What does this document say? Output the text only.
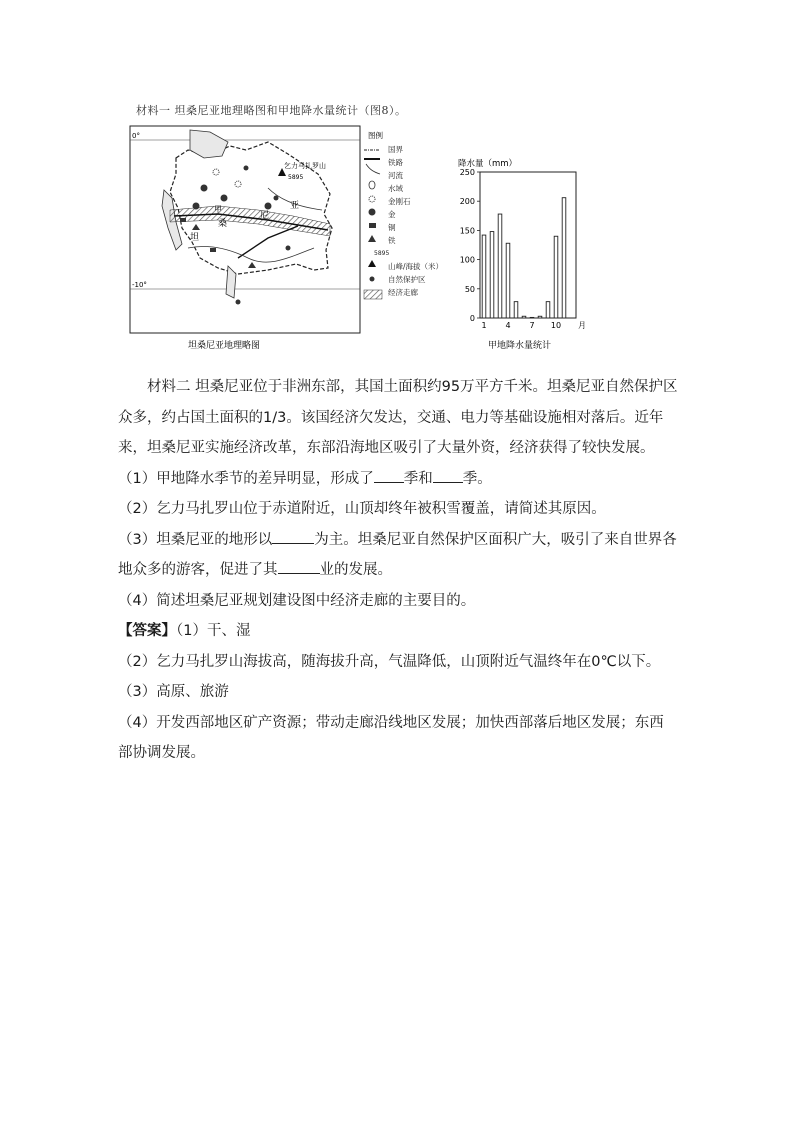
材料一 坦桑尼亚地理略图和甲地降水量统计（图8）。
0°
-10°
乞力马扎罗山
5895
甲
坦
桑
尼
亚
图例
0
50
100
150
200
250
降水量（mm）
1 4 7 10 月
坦桑尼亚地理略图	甲地降水量统计
国界
铁路
河流
水域
金刚石
金
铜
铁
5895
山峰/海拔（米）
自然保护区
经济走廊

材料二 坦桑尼亚位于非洲东部，其国土面积约95万平方千米。坦桑尼亚自然保护区众多，约占国土面积的1/3。该国经济欠发达，交通、电力等基础设施相对落后。近年来，坦桑尼亚实施经济改革，东部沿海地区吸引了大量外资，经济获得了较快发展。

（1）甲地降水季节的差异明显，形成了 季和 季。

（2）乞力马扎罗山位于赤道附近，山顶却终年被积雪覆盖，请简述其原因。

（3）坦桑尼亚的地形以	为主。坦桑尼亚自然保护区面积广大，吸引了来自世界各地众多的游客，促进了其	业的发展。

（4）简述坦桑尼亚规划建设图中经济走廊的主要目的。

【答案】（1）干、湿

（2）乞力马扎罗山海拔高，随海拔升高，气温降低，山顶附近气温终年在0℃以下。

（3）高原、旅游

（4）开发西部地区矿产资源；带动走廊沿线地区发展；加快西部落后地区发展；东西部协调发展。
